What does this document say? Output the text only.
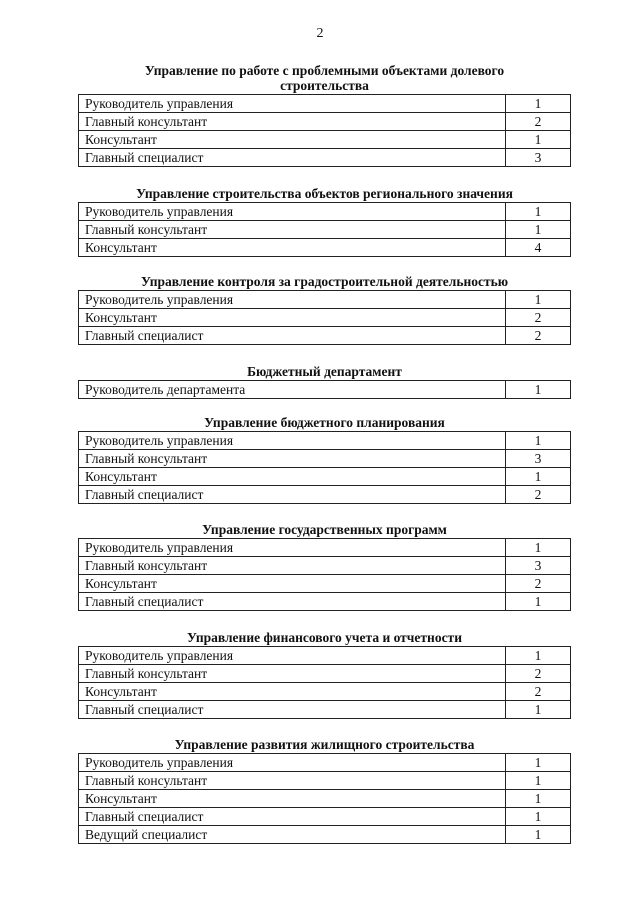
2
Управление по работе с проблемными объектами долевого
строительства
Руководитель управления	1
Главный консультант	2
Консультант	1
Главный специалист	3
Управление строительства объектов регионального значения
Руководитель управления	1
Главный консультант	1
Консультант	4
Управление контроля за градостроительной деятельностью
Руководитель управления	1
Консультант	2
Главный специалист	2
Бюджетный департамент
Руководитель департамента	1
Управление бюджетного планирования
Руководитель управления	1
Главный консультант	3
Консультант	1
Главный специалист	2
Управление государственных программ
Руководитель управления	1
Главный консультант	3
Консультант	2
Главный специалист	1
Управление финансового учета и отчетности
Руководитель управления	1
Главный консультант	2
Консультант	2
Главный специалист	1
Управление развития жилищного строительства
Руководитель управления	1
Главный консультант	1
Консультант	1
Главный специалист	1
Ведущий специалист	1
